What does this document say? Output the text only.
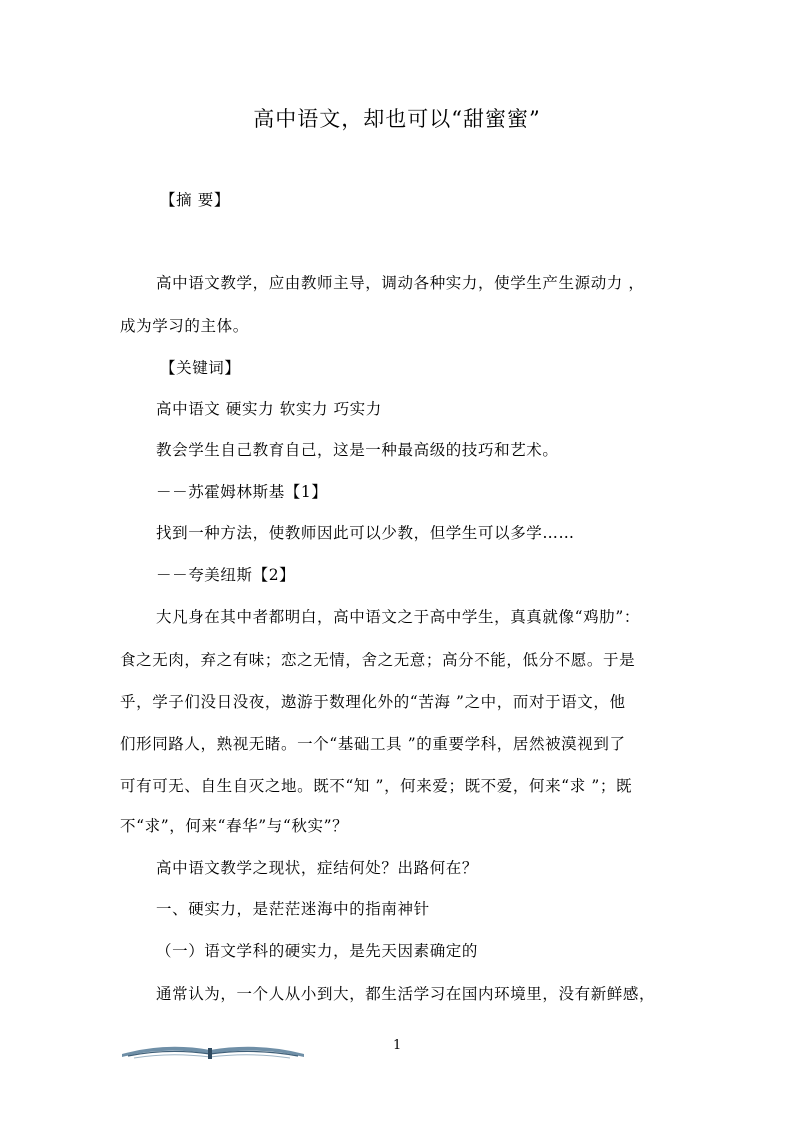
高中语文，却也可以“甜蜜蜜”
【摘 要】
高中语文教学，应由教师主导，调动各种实力，使学生产生源动力 ，
成为学习的主体。
【关键词】
高中语文 硬实力 软实力 巧实力
教会学生自己教育自己，这是一种最高级的技巧和艺术。
－－苏霍姆林斯基【1】
找到一种方法，使教师因此可以少教，但学生可以多学……
－－夸美纽斯【2】
大凡身在其中者都明白，高中语文之于高中学生，真真就像“鸡肋”：
食之无肉，弃之有味；恋之无情，舍之无意；高分不能，低分不愿。于是
乎，学子们没日没夜，遨游于数理化外的“苦海 ”之中，而对于语文，他
们形同路人，熟视无睹。一个“基础工具 ”的重要学科，居然被漠视到了
可有可无、自生自灭之地。既不“知 ”，何来爱；既不爱，何来“求 ”；既
不“求”，何来“春华”与“秋实”？
高中语文教学之现状，症结何处？出路何在？
一、硬实力，是茫茫迷海中的指南神针
（一）语文学科的硬实力，是先天因素确定的
通常认为，一个人从小到大，都生活学习在国内环境里，没有新鲜感，
1
